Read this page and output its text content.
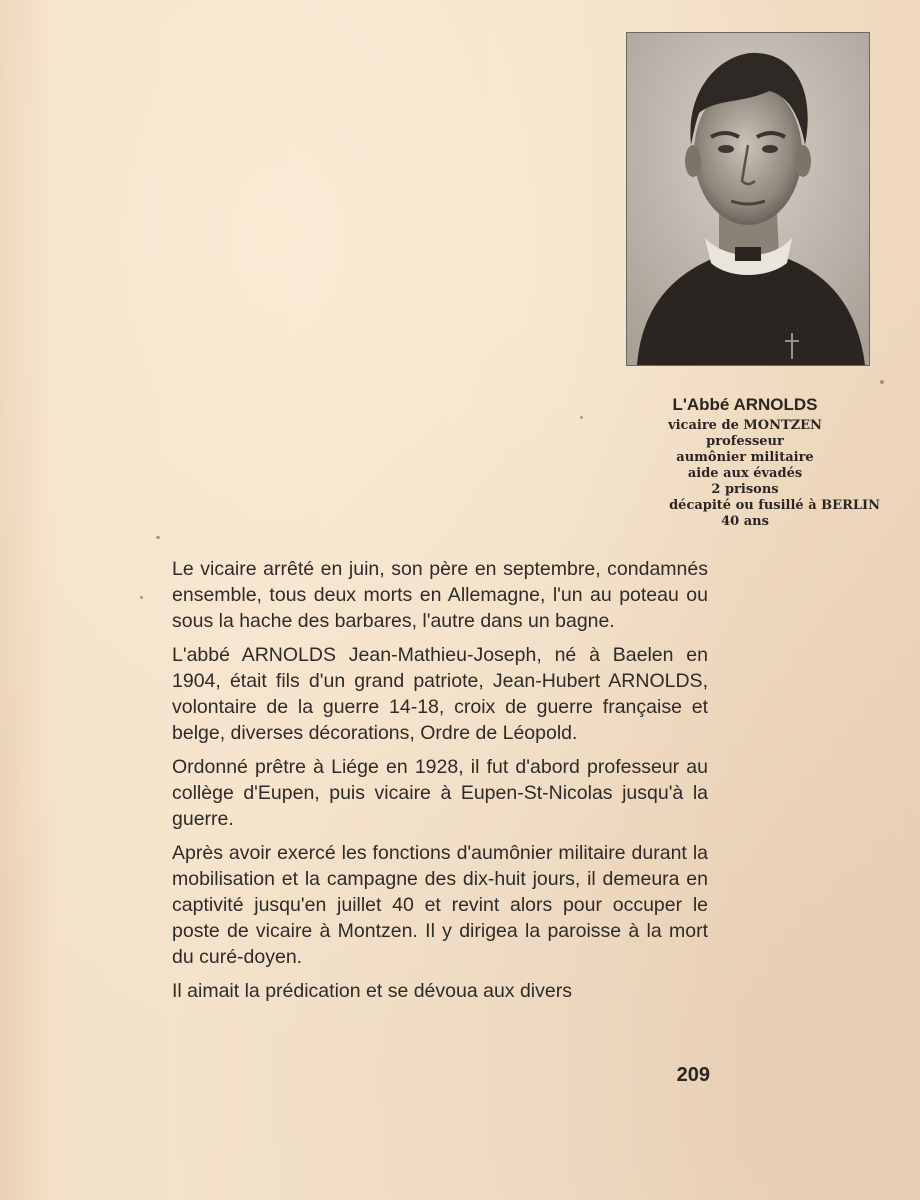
L'Abbé ARNOLDS
vicaire de MONTZEN
professeur
aumônier militaire
aide aux évadés
2 prisons
décapité ou fusillé à BERLIN
40 ans

Le vicaire arrêté en juin, son père en septembre, condamnés ensemble, tous deux morts en Allemagne, l'un au poteau ou sous la hache des barbares, l'autre dans un bagne.

L'abbé ARNOLDS Jean-Mathieu-Joseph, né à Baelen en 1904, était fils d'un grand patriote, Jean-Hubert ARNOLDS, volontaire de la guerre 14-18, croix de guerre française et belge, diverses décorations, Ordre de Léopold.

Ordonné prêtre à Liége en 1928, il fut d'abord professeur au collège d'Eupen, puis vicaire à Eupen-St-Nicolas jusqu'à la guerre.

Après avoir exercé les fonctions d'aumônier militaire durant la mobilisation et la campagne des dix-huit jours, il demeura en captivité jusqu'en juillet 40 et revint alors pour occuper le poste de vicaire à Montzen. Il y dirigea la paroisse à la mort du curé-doyen.

Il aimait la prédication et se dévoua aux divers

209
